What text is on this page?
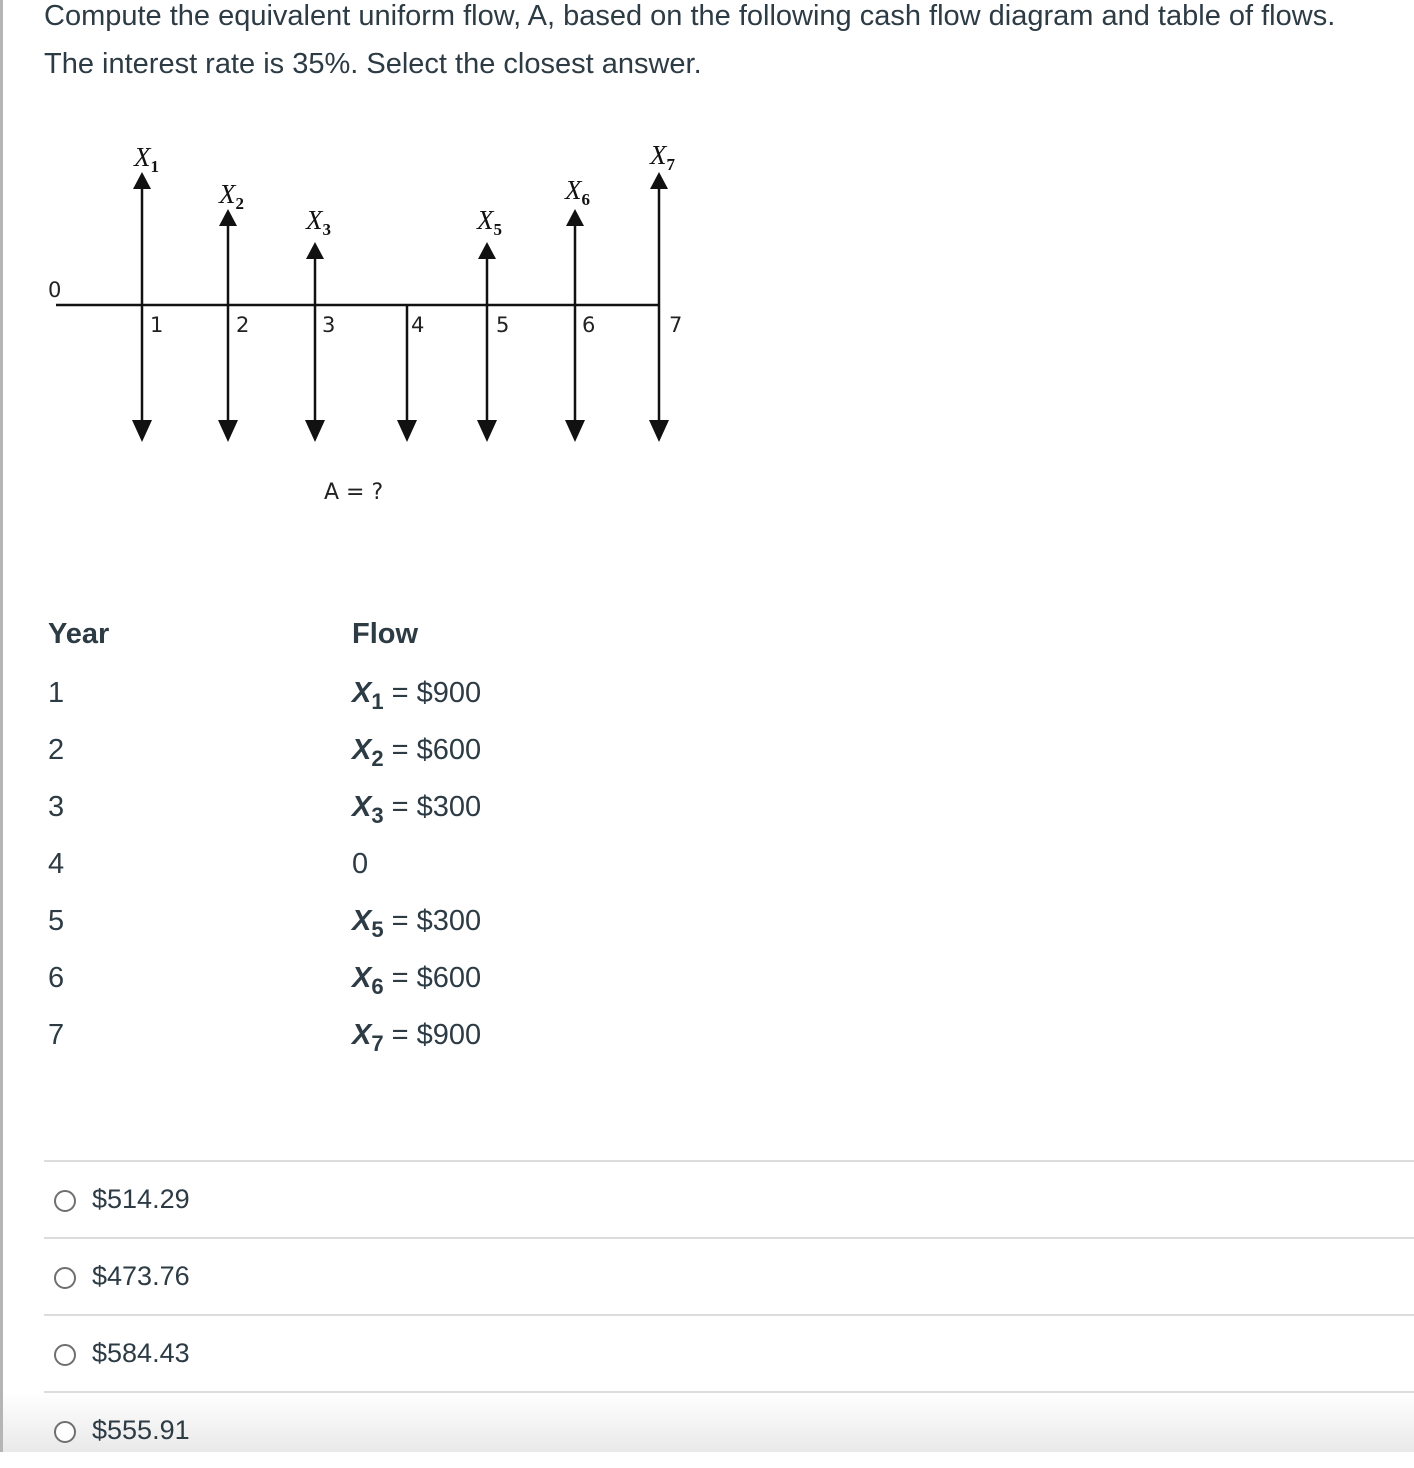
Compute the equivalent uniform flow, A, based on the following cash flow diagram and table of flows.

The interest rate is 35%. Select the closest answer.

0
1	2	3	4	5	6	7
$X_1$
$X_2$
$X_3$	$X_5$
$X_6$
$X_7$
A = ?
Year	Flow
1	$X_1$ = $900
2	$X_2$ = $600
3	$X_3$ = $300
4	0
5	$X_5$ = $300
6	$X_6$ = $600
7	$X_7$ = $900
$514.29
$473.76
$584.43
$555.91
